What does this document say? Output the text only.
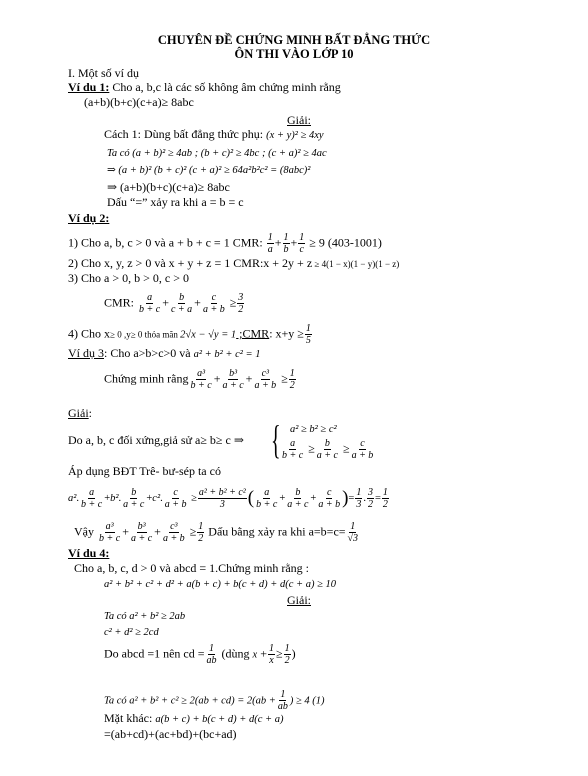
CHUYÊN ĐỀ CHỨNG MINH BẤT ĐẲNG THỨC
ÔN THI VÀO LỚP 10
I. Một số ví dụ
Ví du 1: Cho a, b,c là các số không âm chứng minh rằng
(a+b)(b+c)(c+a)≥ 8abc
Giải:
Cách 1: Dùng bất đẳng thức phụ: (x + y)² ≥ 4xy
Ta có (a + b)² ≥ 4ab ; (b + c)² ≥ 4bc ; (c + a)² ≥ 4ac
⇒ (a + b)² (b + c)² (c + a)² ≥ 64a²b²c² = (8abc)²
⇒ (a+b)(b+c)(c+a)≥ 8abc
Dấu “=” xảy ra khi a = b = c
Ví dụ 2:
1) Cho a, b, c > 0 và a + b + c = 1 CMR: $\frac{1}{a} + \frac{1}{b} + \frac{1}{c} \ge 9$ (403-1001)
2) Cho x, y, z > 0 và x + y + z = 1 CMR:x + 2y + z ≥ 4(1 − x)(1 − y)(1 − z)
3) Cho a > 0, b > 0, c > 0
CMR: $\frac{a}{b + c} + \frac{b}{c + a} + \frac{c}{a + b} \ge \frac{3}{2}$
4) Cho x≥ 0 ,y≥ 0 thỏa mãn 2√x − √y = 1 ;CMR: $x+y \ge \frac{1}{5}$
Ví dụ 3: Cho a>b>c>0 và a² + b² + c² = 1
Chứng minh rằng $\frac{\text{a³}}{b + c} + \frac{\text{b³}}{a + c} + \frac{\text{c³}}{a + b} \ge \frac{1}{2}$
Giải:
Do a, b, c đối xứng,giả sử a≥ b≥ c ⇒ { a² ≥ b² ≥ c²
$\frac{a}{b + c} \ge \frac{b}{a + c} \ge \frac{c}{a + b}$
Áp dụng BĐT Trê- bư-sép ta có
a². $\frac{a}{b + c} +b^2$. $\frac{b}{a + c} +c^2$. $\frac{c}{a + b} \ge \frac{\text{a² + b² + c²}}{3}$ ( $\frac{a}{b + c} + \frac{b}{a + c} + \frac{c}{a + b}$ )= $\frac{1}{3}$ . $\frac{3}{2} = \frac{1}{2}$
Vậy $\frac{\text{a³}}{b + c} + \frac{\text{b³}}{a + c} + \frac{\text{c³}}{a + b} \ge \frac{1}{2}$ Dấu bằng xảy ra khi $a=b=c= \frac{1}{√3}$
Ví du 4:
Cho a, b, c, d > 0 và abcd = 1.Chứng minh rằng :
a² + b² + c² + d² + a(b + c) + b(c + d) + d(c + a) ≥ 10
Giải:
Ta có a² + b² ≥ 2ab
c² + d² ≥ 2cd
Do abcd =1 nên cd = $\frac{1}{ab}$ (dùng $x + \frac{1}{x} \ge \frac{1}{2}$ )
Ta có $a^2 + b^2 + c^2 \ge 2(ab + cd) = 2(ab + \frac{1}{ab}$ ) ≥ 4 (1)
Mặt khác: a(b + c) + b(c + d) + d(c + a)
=(ab+cd)+(ac+bd)+(bc+ad)
